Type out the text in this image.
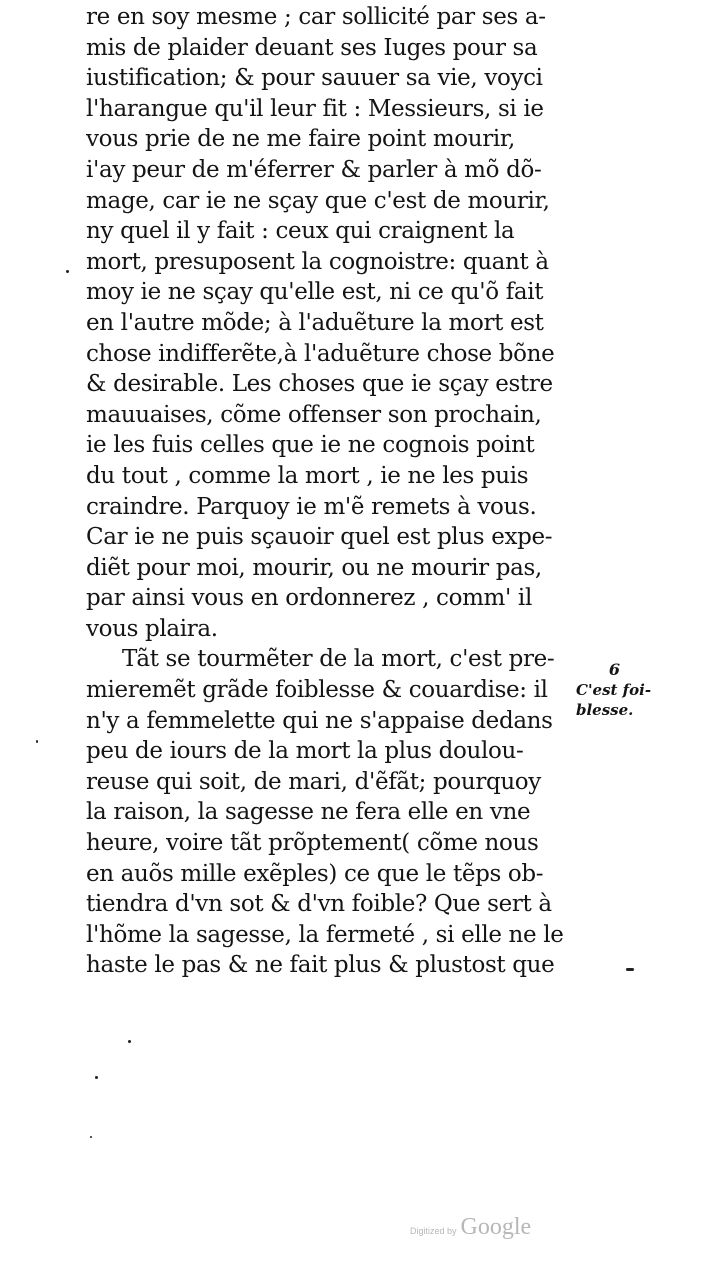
re en soy mesme ; car sollicité par ses a-
mis de plaider deuant ses Iuges pour sa
iustification; & pour sauuer sa vie, voyci
l'harangue qu'il leur fit : Messieurs, si ie
vous prie de ne me faire point mourir,
i'ay peur de m'éferrer & parler à mõ dõ-
mage, car ie ne sçay que c'est de mourir,
ny quel il y fait : ceux qui craignent la
mort, presuposent la cognoistre: quant à
moy ie ne sçay qu'elle est, ni ce qu'õ fait
en l'autre mõde; à l'aduẽture la mort est
chose indifferẽte,à l'aduẽture chose bõne
& desirable. Les choses que ie sçay estre
mauuaises, cõme offenser son prochain,
ie les fuis celles que ie ne cognois point
du tout , comme la mort , ie ne les puis
craindre. Parquoy ie m'ẽ remets à vous.
Car ie ne puis sçauoir quel est plus expe-
diẽt pour moi, mourir, ou ne mourir pas,
par ainsi vous en ordonnerez , comm' il
vous plaira.
Tãt se tourmẽter de la mort, c'est pre-
mieremẽt grãde foiblesse & couardise: il
n'y a femmelette qui ne s'appaise dedans
peu de iours de la mort la plus doulou-
reuse qui soit, de mari, d'ẽfãt; pourquoy
la raison, la sagesse ne fera elle en vne
heure, voire tãt prõptement( cõme nous
en auõs mille exẽples) ce que le tẽps ob-
tiendra d'vn sot & d'vn foible? Que sert à
l'hõme la sagesse, la fermeté , si elle ne le
haste le pas & ne fait plus & plustost que
6
C'est foi-
blesse.
Digitized by Google
